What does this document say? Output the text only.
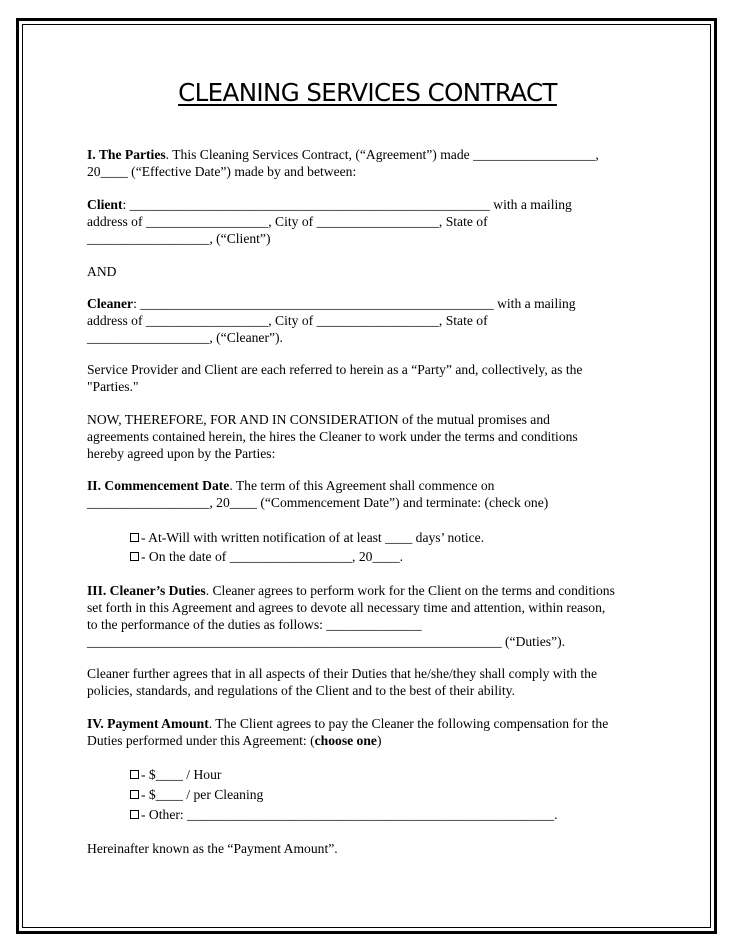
CLEANING SERVICES CONTRACT

I. The Parties. This Cleaning Services Contract, (“Agreement”) made __________________,

20____ (“Effective Date”) made by and between:

Client: _____________________________________________________ with a mailing

address of __________________, City of __________________, State of

__________________, (“Client”)

AND

Cleaner: ____________________________________________________ with a mailing

address of __________________, City of __________________, State of

__________________, (“Cleaner”).

Service Provider and Client are each referred to herein as a “Party” and, collectively, as the

"Parties."

NOW, THEREFORE, FOR AND IN CONSIDERATION of the mutual promises and

agreements contained herein, the hires the Cleaner to work under the terms and conditions

hereby agreed upon by the Parties:

II. Commencement Date. The term of this Agreement shall commence on

__________________, 20____ (“Commencement Date”) and terminate: (check one)

- At-Will with written notification of at least ____ days’ notice.

- On the date of __________________, 20____.

III. Cleaner’s Duties. Cleaner agrees to perform work for the Client on the terms and conditions

set forth in this Agreement and agrees to devote all necessary time and attention, within reason,

to the performance of the duties as follows: ______________

_____________________________________________________________ (“Duties”).

Cleaner further agrees that in all aspects of their Duties that he/she/they shall comply with the

policies, standards, and regulations of the Client and to the best of their ability.

IV. Payment Amount. The Client agrees to pay the Cleaner the following compensation for the

Duties performed under this Agreement: (choose one)

- $____ / Hour

- $____ / per Cleaning

- Other: ______________________________________________________.

Hereinafter known as the “Payment Amount”.
